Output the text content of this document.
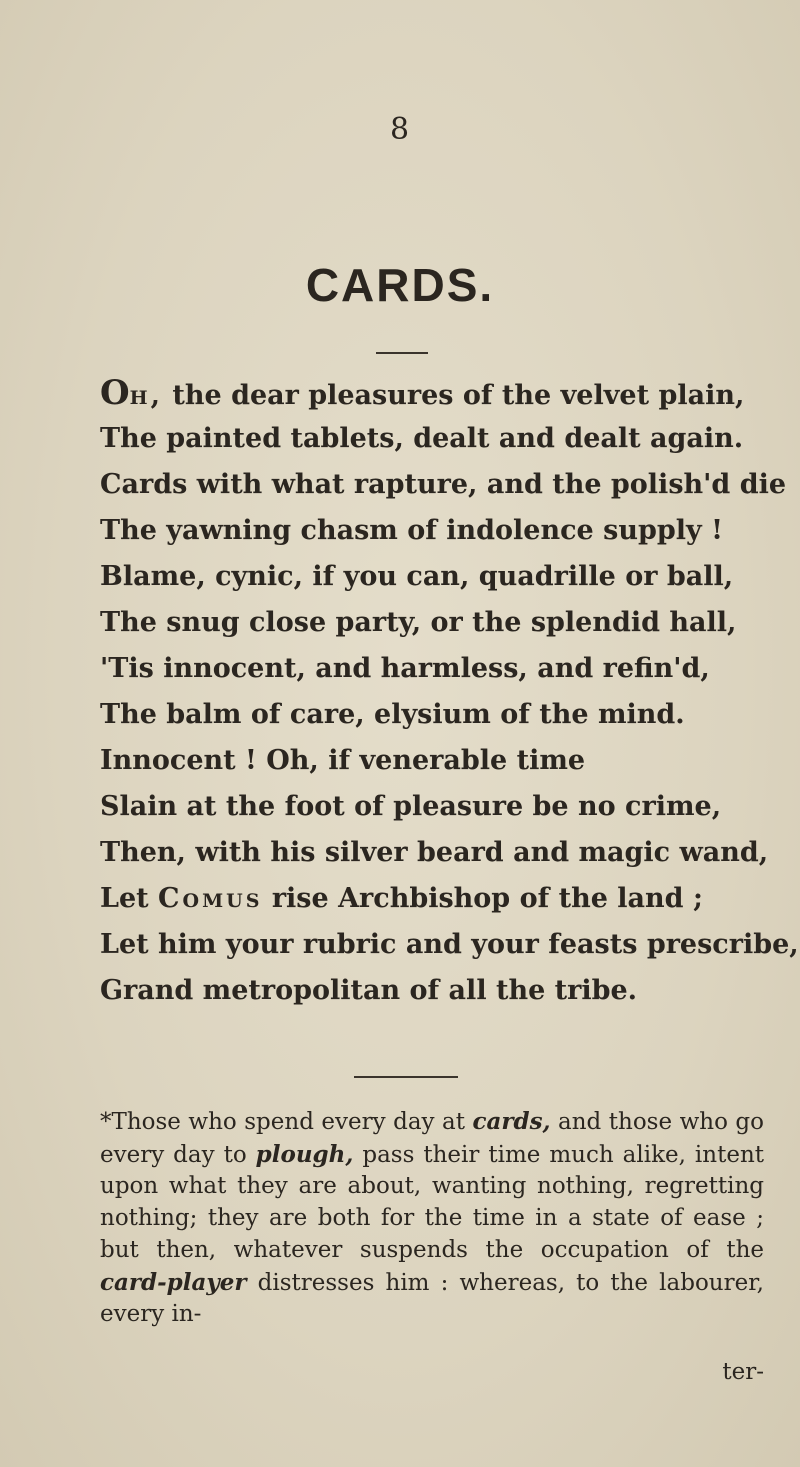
8
CARDS.
Oh, the dear pleasures of the velvet plain,
The painted tablets, dealt and dealt again.
Cards with what rapture, and the polish'd die
The yawning chasm of indolence supply !
Blame, cynic, if you can, quadrille or ball,
The snug close party, or the splendid hall,
'Tis innocent, and harmless, and refin'd,
The balm of care, elysium of the mind.
Innocent ! Oh, if venerable time
Slain at the foot of pleasure be no crime,
Then, with his silver beard and magic wand,
Let Comus rise Archbishop of the land ;
Let him your rubric and your feasts prescribe,
Grand metropolitan of all the tribe.

*Those who spend every day at cards, and those who go every day to plough, pass their time much alike, intent upon what they are about, wanting nothing, regretting nothing; they are both for the time in a state of ease ; but then, whatever suspends the occupation of the card-player distresses him : whereas, to the labourer, every in-

ter-
